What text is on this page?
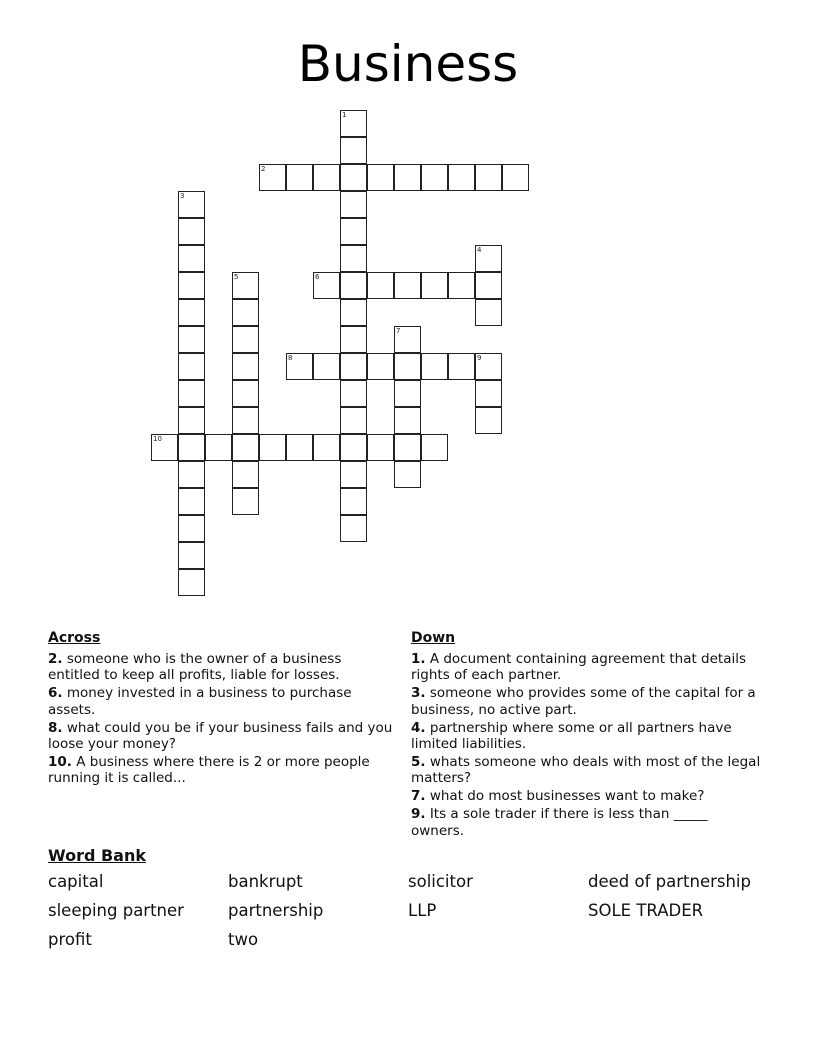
Business
1
2
3
4
5	6
7
8	9
10
Across
2. someone who is the owner of a business entitled to keep all profits, liable for losses.
6. money invested in a business to purchase assets.
8. what could you be if your business fails and you loose your money?
10. A business where there is 2 or more people running it is called...
Down
1. A document containing agreement that details rights of each partner.
3. someone who provides some of the capital for a business, no active part.
4. partnership where some or all partners have limited liabilities.
5. whats someone who deals with most of the legal matters?
7. what do most businesses want to make?
9. Its a sole trader if there is less than _____ owners.
Word Bank
capital	bankrupt	solicitor	deed of partnership
sleeping partner	partnership	LLP	SOLE TRADER
profit	two
